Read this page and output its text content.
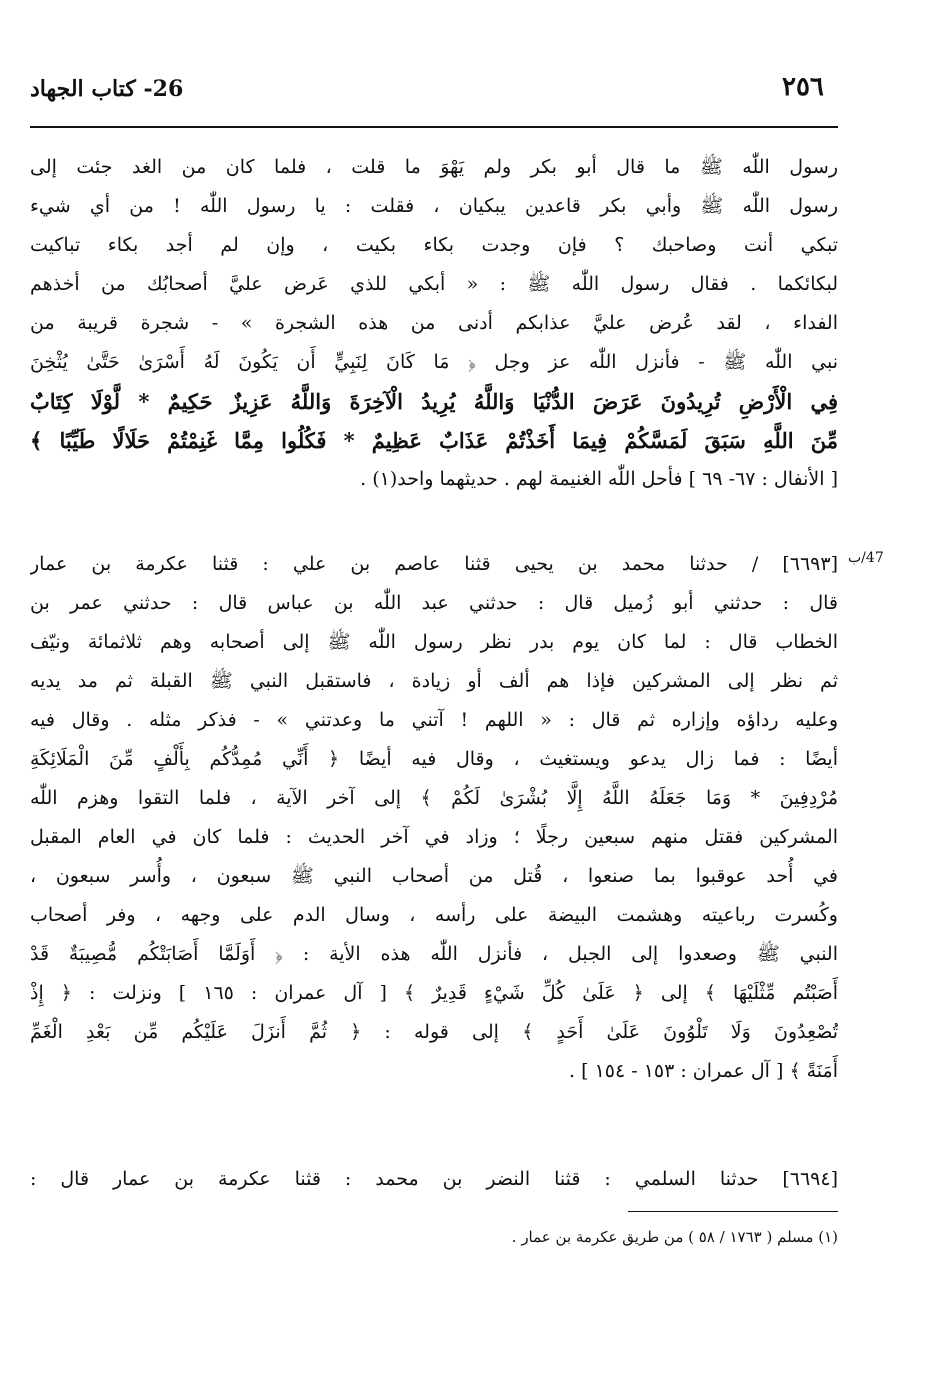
٢٥٦
26- كتاب الجهاد
47/ب
رسول اللّٰه ﷺ ما قال أبو بكر ولم يَهْوَ ما قلت ، فلما كان من الغد جئت إلى
رسول اللّٰه ﷺ وأبي بكر قاعدين يبكيان ، فقلت : يا رسول اللّٰه ! من أي شيء
تبكي أنت وصاحبك ؟ فإن وجدت بكاء بكيت ، وإن لم أجد بكاء تباكيت
لبكائكما . فقال رسول اللّٰه ﷺ : « أبكي للذي عَرض عليَّ أصحابُك من أخذهم
الفداء ، لقد عُرض عليَّ عذابكم أدنى من هذه الشجرة » - شجرة قريبة من
نبي اللّٰه ﷺ - فأنزل اللّٰه عز وجل ﴿ مَا كَانَ لِنَبِيٍّ أَن يَكُونَ لَهُ أَسْرَىٰ حَتَّىٰ يُثْخِنَ
فِي الْأَرْضِ تُرِيدُونَ عَرَضَ الدُّنْيَا وَاللَّهُ يُرِيدُ الْآخِرَةَ وَاللَّهُ عَزِيزٌ حَكِيمٌ * لَّوْلَا كِتَابٌ
مِّنَ اللَّهِ سَبَقَ لَمَسَّكُمْ فِيمَا أَخَذْتُمْ عَذَابٌ عَظِيمٌ * فَكُلُوا مِمَّا غَنِمْتُمْ حَلَالًا طَيِّبًا ﴾
[ الأنفال : ٦٧- ٦٩ ] فأحل اللّٰه الغنيمة لهم . حديثهما واحد(١) .
[٦٦٩٣] / حدثنا محمد بن يحيى قثنا عاصم بن علي : قثنا عكرمة بن عمار
قال : حدثني أبو زُميل قال : حدثني عبد اللّٰه بن عباس قال : حدثني عمر بن
الخطاب قال : لما كان يوم بدر نظر رسول اللّٰه ﷺ إلى أصحابه وهم ثلاثمائة ونيّف
ثم نظر إلى المشركين فإذا هم ألف أو زيادة ، فاستقبل النبي ﷺ القبلة ثم مد يديه
وعليه رداؤه وإزاره ثم قال : « اللهم ! آتني ما وعدتني » - فذكر مثله . وقال فيه
أيضًا : فما زال يدعو ويستغيث ، وقال فيه أيضًا ﴿ أَنِّي مُمِدُّكُم بِأَلْفٍ مِّنَ الْمَلَائِكَةِ
مُرْدِفِينَ * وَمَا جَعَلَهُ اللَّهُ إِلَّا بُشْرَىٰ لَكُمْ ﴾ إلى آخر الآية ، فلما التقوا وهزم اللّٰه
المشركين فقتل منهم سبعين رجلًا ؛ وزاد في آخر الحديث : فلما كان في العام المقبل
في أُحد عوقبوا بما صنعوا ، قُتل من أصحاب النبي ﷺ سبعون ، وأُسر سبعون ،
وكُسرت رباعيته وهشمت البيضة على رأسه ، وسال الدم على وجهه ، وفر أصحاب
النبي ﷺ وصعدوا إلى الجبل ، فأنزل اللّٰه هذه الأية : ﴿ أَوَلَمَّا أَصَابَتْكُم مُّصِيبَةٌ قَدْ
أَصَبْتُم مِّثْلَيْهَا ﴾ إلى ﴿ عَلَىٰ كُلِّ شَيْءٍ قَدِيرٌ ﴾ [ آل عمران : ١٦٥ ] ونزلت : ﴿ إِذْ
تُصْعِدُونَ وَلَا تَلْوُونَ عَلَىٰ أَحَدٍ ﴾ إلى قوله : ﴿ ثُمَّ أَنزَلَ عَلَيْكُم مِّن بَعْدِ الْغَمِّ
أَمَنَةً ﴾ [ آل عمران : ١٥٣ - ١٥٤ ] .
[٦٦٩٤] حدثنا السلمي : قثنا النضر بن محمد : قثنا عكرمة بن عمار قال :
(١) مسلم ( ١٧٦٣ / ٥٨ ) من طريق عكرمة بن عمار .
